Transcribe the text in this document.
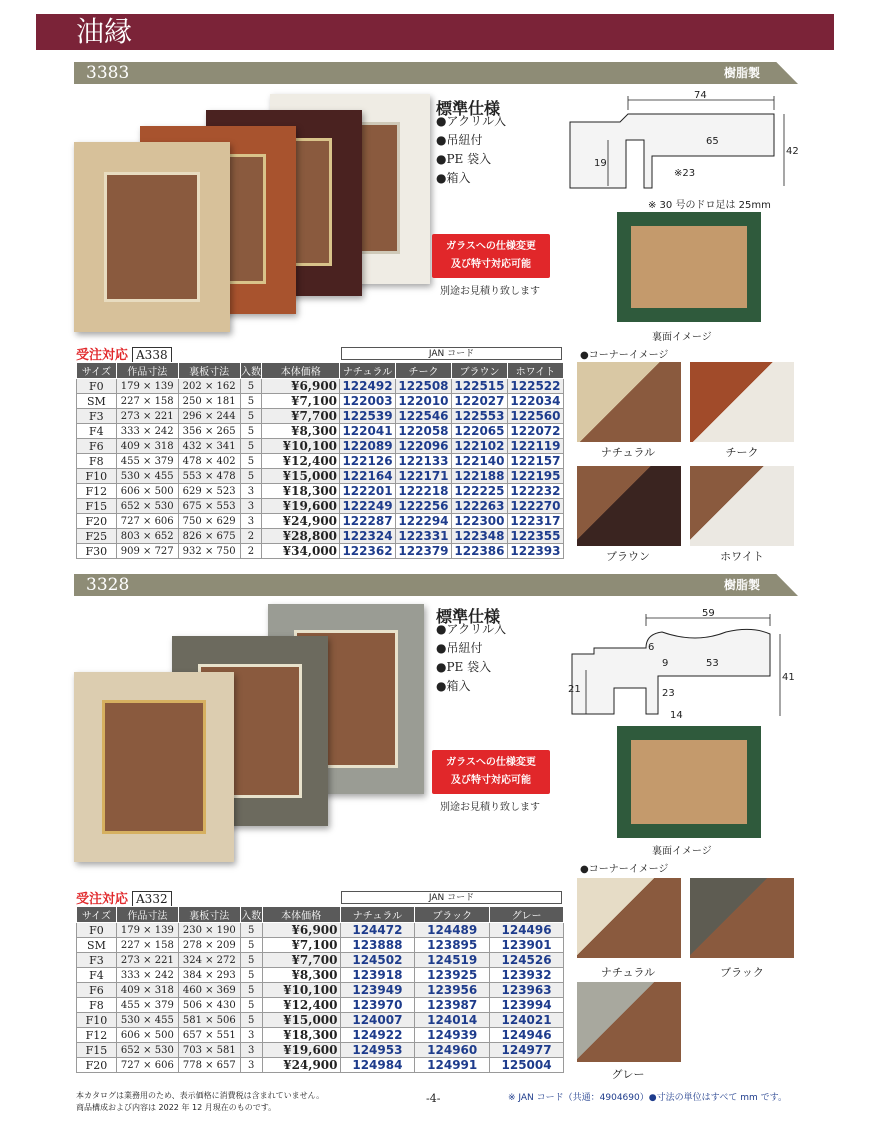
油縁
3383	樹脂製
標準仕様
● アクリル入
● 吊紐付
● PE 袋入
● 箱入
ガラスへの仕様変更
及び特寸対応可能
別途お見積り致します
74
65
42
19
※23
※ 30 号のドロ足は 25mm
裏面イメージ
●コーナーイメージ
ナチュラル	チーク
ブラウン	ホワイト
受注対応 A338	JAN コード
サイズ	作品寸法	裏板寸法	入数	本体価格	ナチュラル	チーク	ブラウン	ホワイト
F0	179 × 139	202 × 162	5	¥6,900	122492	122508	122515	122522
SM	227 × 158	250 × 181	5	¥7,100	122003	122010	122027	122034
F3	273 × 221	296 × 244	5	¥7,700	122539	122546	122553	122560
F4	333 × 242	356 × 265	5	¥8,300	122041	122058	122065	122072
F6	409 × 318	432 × 341	5	¥10,100	122089	122096	122102	122119
F8	455 × 379	478 × 402	5	¥12,400	122126	122133	122140	122157
F10	530 × 455	553 × 478	5	¥15,000	122164	122171	122188	122195
F12	606 × 500	629 × 523	3	¥18,300	122201	122218	122225	122232
F15	652 × 530	675 × 553	3	¥19,600	122249	122256	122263	122270
F20	727 × 606	750 × 629	3	¥24,900	122287	122294	122300	122317
F25	803 × 652	826 × 675	2	¥28,800	122324	122331	122348	122355
F30	909 × 727	932 × 750	2	¥34,000	122362	122379	122386	122393
3328	樹脂製
標準仕様
● アクリル入
● 吊紐付
● PE 袋入
● 箱入
ガラスへの仕様変更
及び特寸対応可能
別途お見積り致します
59
6
9	53
41
21	23
14
裏面イメージ
●コーナーイメージ
ナチュラル	ブラック
グレー
受注対応 A332	JAN コード
サイズ	作品寸法	裏板寸法	入数	本体価格	ナチュラル	ブラック	グレー
F0	179 × 139	230 × 190	5	¥6,900	124472	124489	124496
SM	227 × 158	278 × 209	5	¥7,100	123888	123895	123901
F3	273 × 221	324 × 272	5	¥7,700	124502	124519	124526
F4	333 × 242	384 × 293	5	¥8,300	123918	123925	123932
F6	409 × 318	460 × 369	5	¥10,100	123949	123956	123963
F8	455 × 379	506 × 430	5	¥12,400	123970	123987	123994
F10	530 × 455	581 × 506	5	¥15,000	124007	124014	124021
F12	606 × 500	657 × 551	3	¥18,300	124922	124939	124946
F15	652 × 530	703 × 581	3	¥19,600	124953	124960	124977
F20	727 × 606	778 × 657	3	¥24,900	124984	124991	125004
本カタログは業務用のため、表示価格に消費税は含まれていません。
商品構成および内容は 2022 年 12 月現在のものです。
-4-	※ JAN コード（共通：4904690）●寸法の単位はすべて mm です。
